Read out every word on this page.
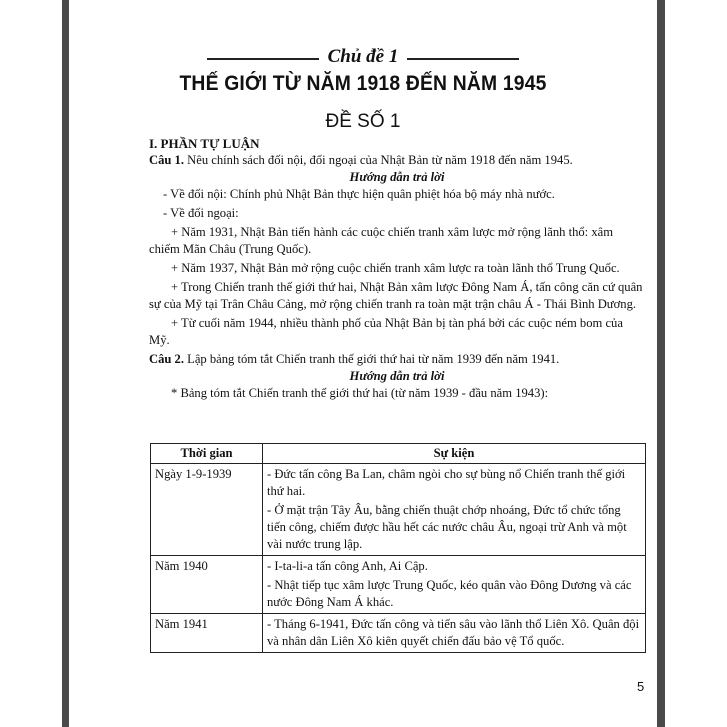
Chủ đề 1
THẾ GIỚI TỪ NĂM 1918 ĐẾN NĂM 1945
ĐỀ SỐ 1

I. PHẦN TỰ LUẬN

Câu 1. Nêu chính sách đối nội, đối ngoại của Nhật Bản từ năm 1918 đến năm 1945.

Hướng dẫn trả lời

- Về đối nội: Chính phủ Nhật Bản thực hiện quân phiệt hóa bộ máy nhà nước.

- Về đối ngoại:

+ Năm 1931, Nhật Bản tiến hành các cuộc chiến tranh xâm lược mở rộng lãnh thổ: xâm chiếm Mãn Châu (Trung Quốc).

+ Năm 1937, Nhật Bản mở rộng cuộc chiến tranh xâm lược ra toàn lãnh thổ Trung Quốc.

+ Trong Chiến tranh thế giới thứ hai, Nhật Bản xâm lược Đông Nam Á, tấn công căn cứ quân sự của Mỹ tại Trân Châu Cảng, mở rộng chiến tranh ra toàn mặt trận châu Á - Thái Bình Dương.

+ Từ cuối năm 1944, nhiều thành phố của Nhật Bản bị tàn phá bởi các cuộc ném bom của Mỹ.

Câu 2. Lập bảng tóm tắt Chiến tranh thế giới thứ hai từ năm 1939 đến năm 1941.

Hướng dẫn trả lời

* Bảng tóm tắt Chiến tranh thế giới thứ hai (từ năm 1939 - đầu năm 1943):

Thời gian	Sự kiện
Ngày 1-9-1939	- Đức tấn công Ba Lan, châm ngòi cho sự bùng nổ Chiến tranh thế giới thứ hai.

- Ở mặt trận Tây Âu, bằng chiến thuật chớp nhoáng, Đức tổ chức tổng tiến công, chiếm được hầu hết các nước châu Âu, ngoại trừ Anh và một vài nước trung lập.

Năm 1940	- I-ta-li-a tấn công Anh, Ai Cập.

- Nhật tiếp tục xâm lược Trung Quốc, kéo quân vào Đông Dương và các nước Đông Nam Á khác.

Năm 1941	- Tháng 6-1941, Đức tấn công và tiến sâu vào lãnh thổ Liên Xô. Quân đội và nhân dân Liên Xô kiên quyết chiến đấu bảo vệ Tổ quốc.

5
